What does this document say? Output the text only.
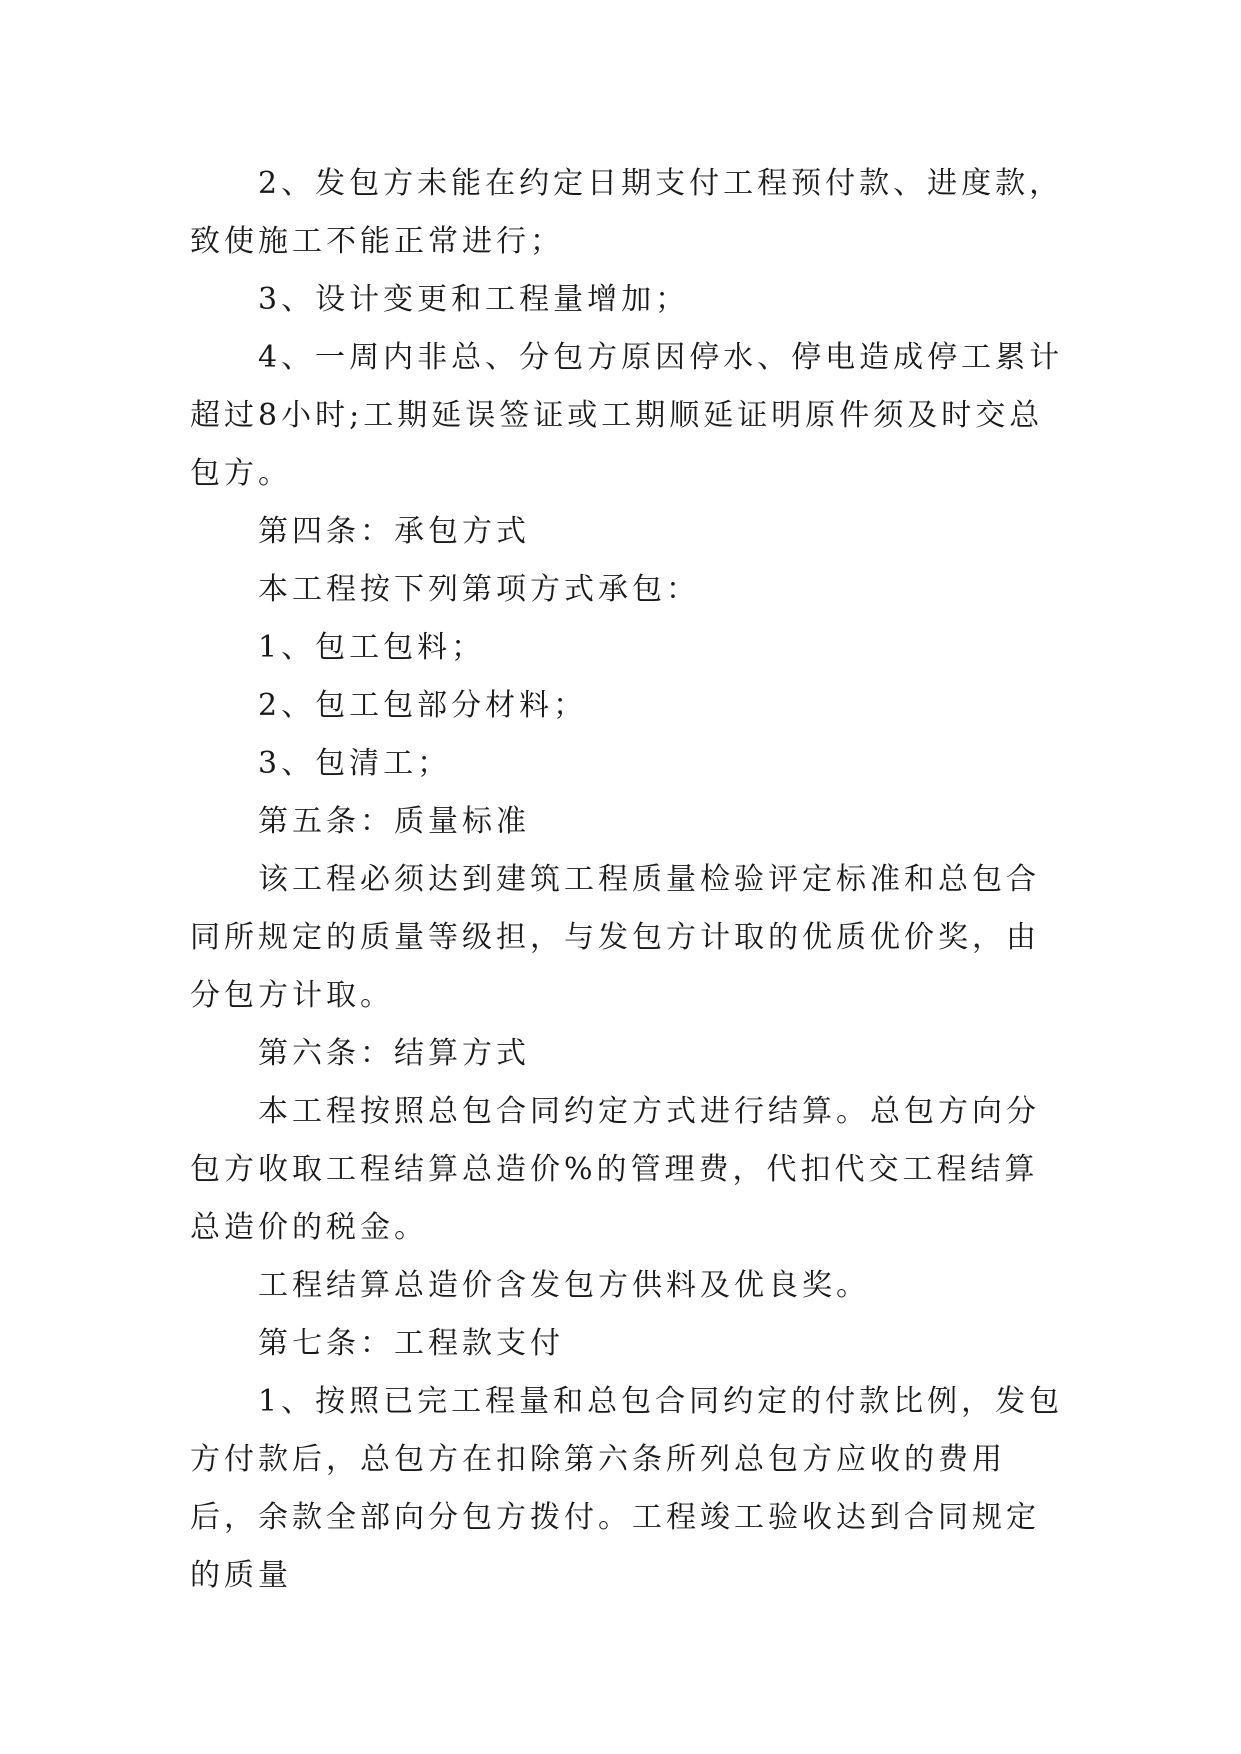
2、发包方未能在约定日期支付工程预付款、进度款，致使施工不能正常进行；

3、设计变更和工程量增加；

4、一周内非总、分包方原因停水、停电造成停工累计超过8小时;工期延误签证或工期顺延证明原件须及时交总包方。

第四条：承包方式

本工程按下列第项方式承包：

1、包工包料；

2、包工包部分材料；

3、包清工；

第五条：质量标准

该工程必须达到建筑工程质量检验评定标准和总包合同所规定的质量等级担，与发包方计取的优质优价奖，由分包方计取。

第六条：结算方式

本工程按照总包合同约定方式进行结算。总包方向分包方收取工程结算总造价%的管理费，代扣代交工程结算总造价的税金。

工程结算总造价含发包方供料及优良奖。

第七条：工程款支付

1、按照已完工程量和总包合同约定的付款比例，发包方付款后，总包方在扣除第六条所列总包方应收的费用后，余款全部向分包方拨付。工程竣工验收达到合同规定的质量
